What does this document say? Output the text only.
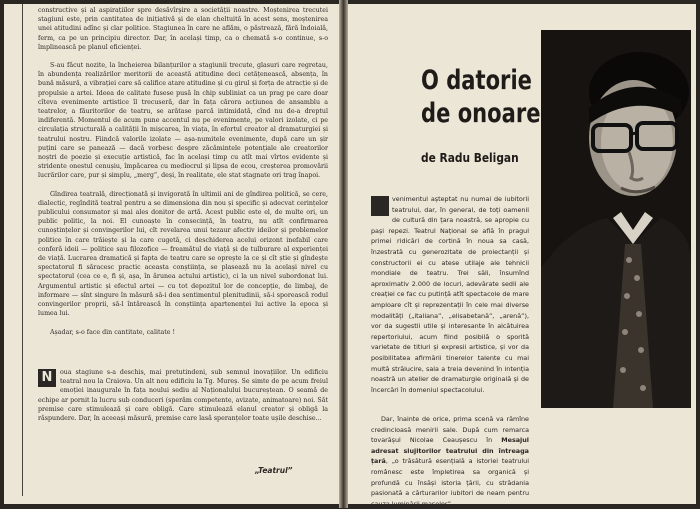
constructive și al aspirațiilor spre desăvîrșire a societății noastre. Moștenirea trecutei stagiuni este, prin cantitatea de inițiativă și de elan cheltuită în acest sens, moștenirea unei atitudini adînc și clar politice. Stagiunea în care ne aflăm, o păstrează, fără îndoială, ferm, ca pe un principiu director. Dar, în același timp, ca o chemată s-o continue, s-o împlinească pe planul eficienței.

S-au făcut nozite, la încheierea bilanțurilor a stagiunii trecute, glasuri care regretau, în abundența realizărilor meritorii de această atitudine deci cetățenească, absența, în bună măsură, a vibrației care să califice atare atitudine și cu girul și forța de atracție și de propulsie a artei. Ideea de calitate fusese pusă în chip subliniat ca un prag pe care doar cîteva evenimente artistice îl trecuseră, dar în fața cărora acțiunea de ansamblu a teatrelor, a făuritorilor de teatru, se arătase parcă intimidată, cînd nu de-a dreptul indiferentă. Momentul de acum pune accentul nu pe evenimente, pe valori izolate, ci pe circulația structurală a calității în mișcarea, în viața, în efortul creator al dramaturgiei și teatrului nostru. Fiindcă valorile izolate — așa-numitele evenimente, după care un șir puțini care se panează — dacă vorbesc despre zăcămintele potențiale ale creatorilor noștri de poezie și execuție artistică, fac în același timp cu atît mai vîrtos evidente și stridente onestul cenușiu, împăcarea cu mediocrul și lipsa de ecou, creșterea promovării lucrărilor care, pur și simplu, „merg”, deși, în realitate, ele stat stagnate ori trag înapoi.

Gîndirea teatrală, direcționată și invigorată în ultimii ani de gîndirea politică, se cere, dialectic, regîndită teatral pentru a se dimensiona din nou și specific și adecvat cerințelor publicului consumator și mai ales donitor de artă. Acest public este el, de multe ori, un public politic, la noi. El cunoaște în consecință, în teatru, nu atît confirmarea cunoștințelor și convingerilor lui, cît revelarea unui tezaur afectiv ideilor și problemelor politice în care trăiește și la care cugetă, ci deschiderea acelui orizont inefabil care conferă ideii — politice sau filozofice — freamătul de viață și de tulburare al experienței de viață. Lucrarea dramatică și fapta de teatru care se oprește la ce și cît știe și gîndește spectatorul fi săracesc practic aceasta conștiința, se plasează nu la același nivel cu spectatorul (cea ce e, fi și, așa, în ărunea actului artistic), ci la un nivel subordonat lui. Argumentul artistic și efectul artei — cu tot depozitul lor de concepție, de limbaj, de informare — sînt singure în măsură să-i dea sentimentul plenitudinii, să-i sporească rodul convingerilor proprii, să-l întărească în conștiința apartenenței lui active la epoca și lumea lui.

Așadar, s-o face din cantitate, calitate !

N	oua stagiune s-a deschis, mai pretutindeni, sub semnul inovațiilor. Un edificiu teatral nou la Craiova. Un alt nou edificiu la Tg. Mureș. Se simte de pe acum freiul emoției inaugurale în fața noului sediu al Naționalului bucureștean. O seamă de echipe ar pornit la lucru sub conduceri (sperăm competente, avizate, animatoare) noi. Săt premise care stimulează și care obligă. Care stimulează elanul creator și obligă la răspundere. Dar, în aceeași măsură, premise care lasă speranțelor toate ușile deschise...
„Teatrul”
O datorie
de onoare
de Radu Beligan

venimentul așteptat nu numai de iubitorii teatrului, dar, în general, de toți oamenii de cultură din țara noastră, se apropie cu pași repezi. Teatrul Național se află în pragul primei ridicări de cortină în noua sa casă, înzestrată cu generozitate de proiectanții și constructorii ei cu atese utilaje ale tehnicii mondiale de teatru. Trei săli, însumînd aproximativ 2.000 de locuri, adevărate sedii ale creației ce fac cu putință atît spectacole de mare amploare cît și reprezentații în cele mai diverse modalități („italiana”, „elisabetană”, „arenă”), vor da sugestii utile și interesante în alcătuirea repertoriului, acum fiind posibilă o sporită varietate de titluri și expresii artistice, și vor da posibilitatea afirmării tinerelor talente cu mai multă strălucire, sala a treia devenind în intenția noastră un atelier de dramaturgie originală și de încercări în domeniul spectacolului.

Dar, înainte de orice, prima scenă va rămîne credincioasă menirii sale. După cum remarca tovarășul Nicolae Ceaușescu în Mesajul adresat slujitorilor teatrului din întreaga țară, „o trăsătură esențială a istoriei teatrului românesc este împletirea sa organică și profundă cu însăși istoria țării, cu strădania pasionată a cărturarilor iubitori de neam pentru cauza luminării maselor”.
